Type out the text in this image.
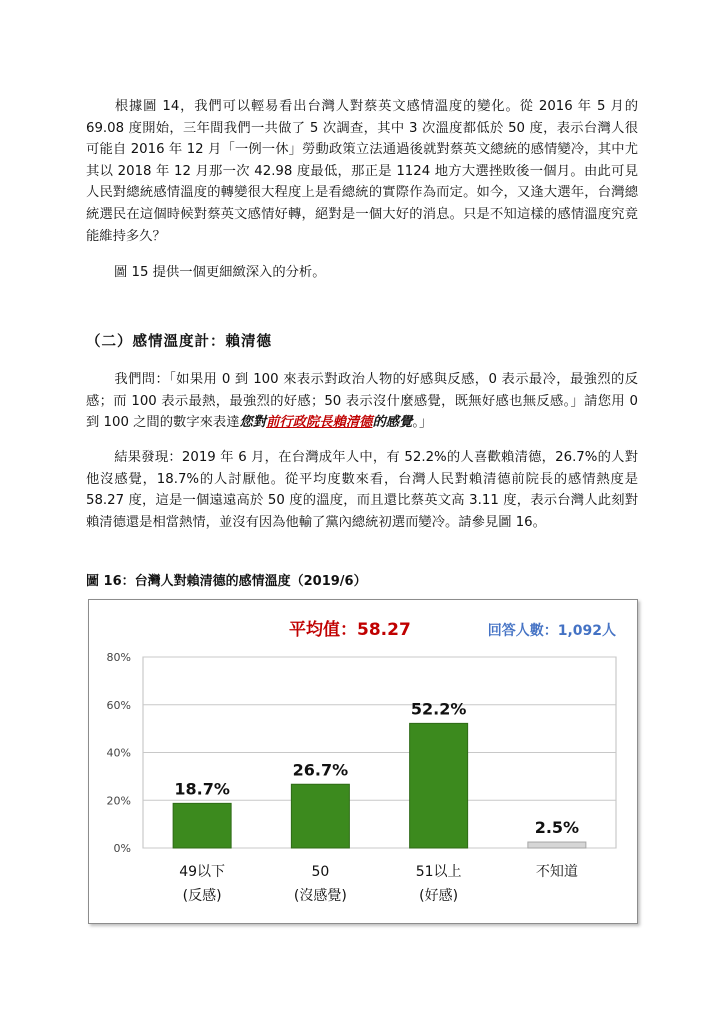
根據圖 14，我們可以輕易看出台灣人對蔡英文感情溫度的變化。從 2016 年 5 月的 69.08 度開始，三年間我們一共做了 5 次調查，其中 3 次溫度都低於 50 度，表示台灣人很可能自 2016 年 12 月「一例一休」勞動政策立法通過後就對蔡英文總統的感情變冷，其中尤其以 2018 年 12 月那一次 42.98 度最低，那正是 1124 地方大選挫敗後一個月。由此可見人民對總統感情溫度的轉變很大程度上是看總統的實際作為而定。如今，又逢大選年，台灣總統選民在這個時候對蔡英文感情好轉，絕對是一個大好的消息。只是不知這樣的感情溫度究竟能維持多久？

圖 15 提供一個更細緻深入的分析。

（二）感情溫度計：賴清德

我們問：「如果用 0 到 100 來表示對政治人物的好感與反感，0 表示最冷，最強烈的反感；而 100 表示最熱，最強烈的好感；50 表示沒什麼感覺，既無好感也無反感。」請您用 0 到 100 之間的數字來表達您對前行政院長賴清德的感覺。」

結果發現：2019 年 6 月，在台灣成年人中，有 52.2%的人喜歡賴清德，26.7%的人對他沒感覺，18.7%的人討厭他。從平均度數來看，台灣人民對賴清德前院長的感情熱度是 58.27 度，這是一個遠遠高於 50 度的溫度，而且還比蔡英文高 3.11 度，表示台灣人此刻對賴清德還是相當熱情，並沒有因為他輸了黨內總統初選而變冷。請參見圖 16。

圖 16：台灣人對賴清德的感情溫度（2019/6）

平均值：58.27	回答人數：1,092人
0%
20%
40%
60%
80%
18.7%
49以下
(反感)
26.7%
50
(沒感覺)
52.2%
51以上
(好感)
2.5%
不知道
